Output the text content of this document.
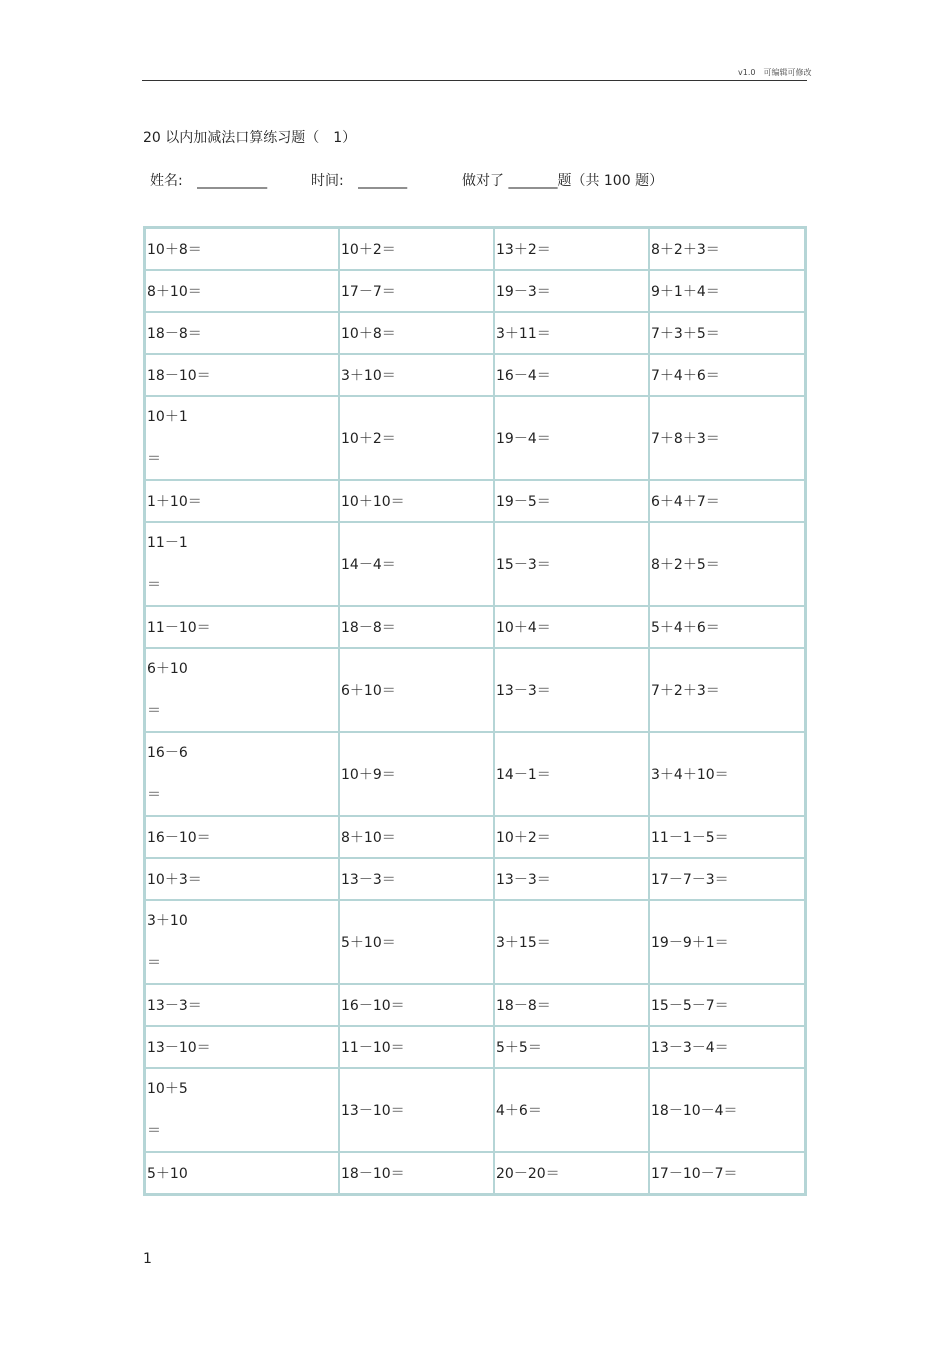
v1.0　可编辑可修改
20 以内加减法口算练习题（　1）
姓名: __________	时间: _______	做对了 _______题（共 100 题）
10＋8＝	10＋2＝	13＋2＝	8＋2＋3＝
8＋10＝	17－7＝	19－3＝	9＋1＋4＝
18－8＝	10＋8＝	3＋11＝	7＋3＋5＝
18－10＝	3＋10＝	16－4＝	7＋4＋6＝

10＋1
＝	10＋2＝	19－4＝	7＋8＋3＝
1＋10＝	10＋10＝	19－5＝	6＋4＋7＝

11－1
＝	14－4＝	15－3＝	8＋2＋5＝
11－10＝	18－8＝	10＋4＝	5＋4＋6＝

6＋10
＝	6＋10＝	13－3＝	7＋2＋3＝

16－6
＝	10＋9＝	14－1＝	3＋4＋10＝
16－10＝	8＋10＝	10＋2＝	11－1－5＝
10＋3＝	13－3＝	13－3＝	17－7－3＝

3＋10
＝	5＋10＝	3＋15＝	19－9＋1＝
13－3＝	16－10＝	18－8＝	15－5－7＝
13－10＝	11－10＝	5＋5＝	13－3－4＝

10＋5
＝	13－10＝	4＋6＝	18－10－4＝
5＋10	18－10＝	20－20＝	17－10－7＝
1
